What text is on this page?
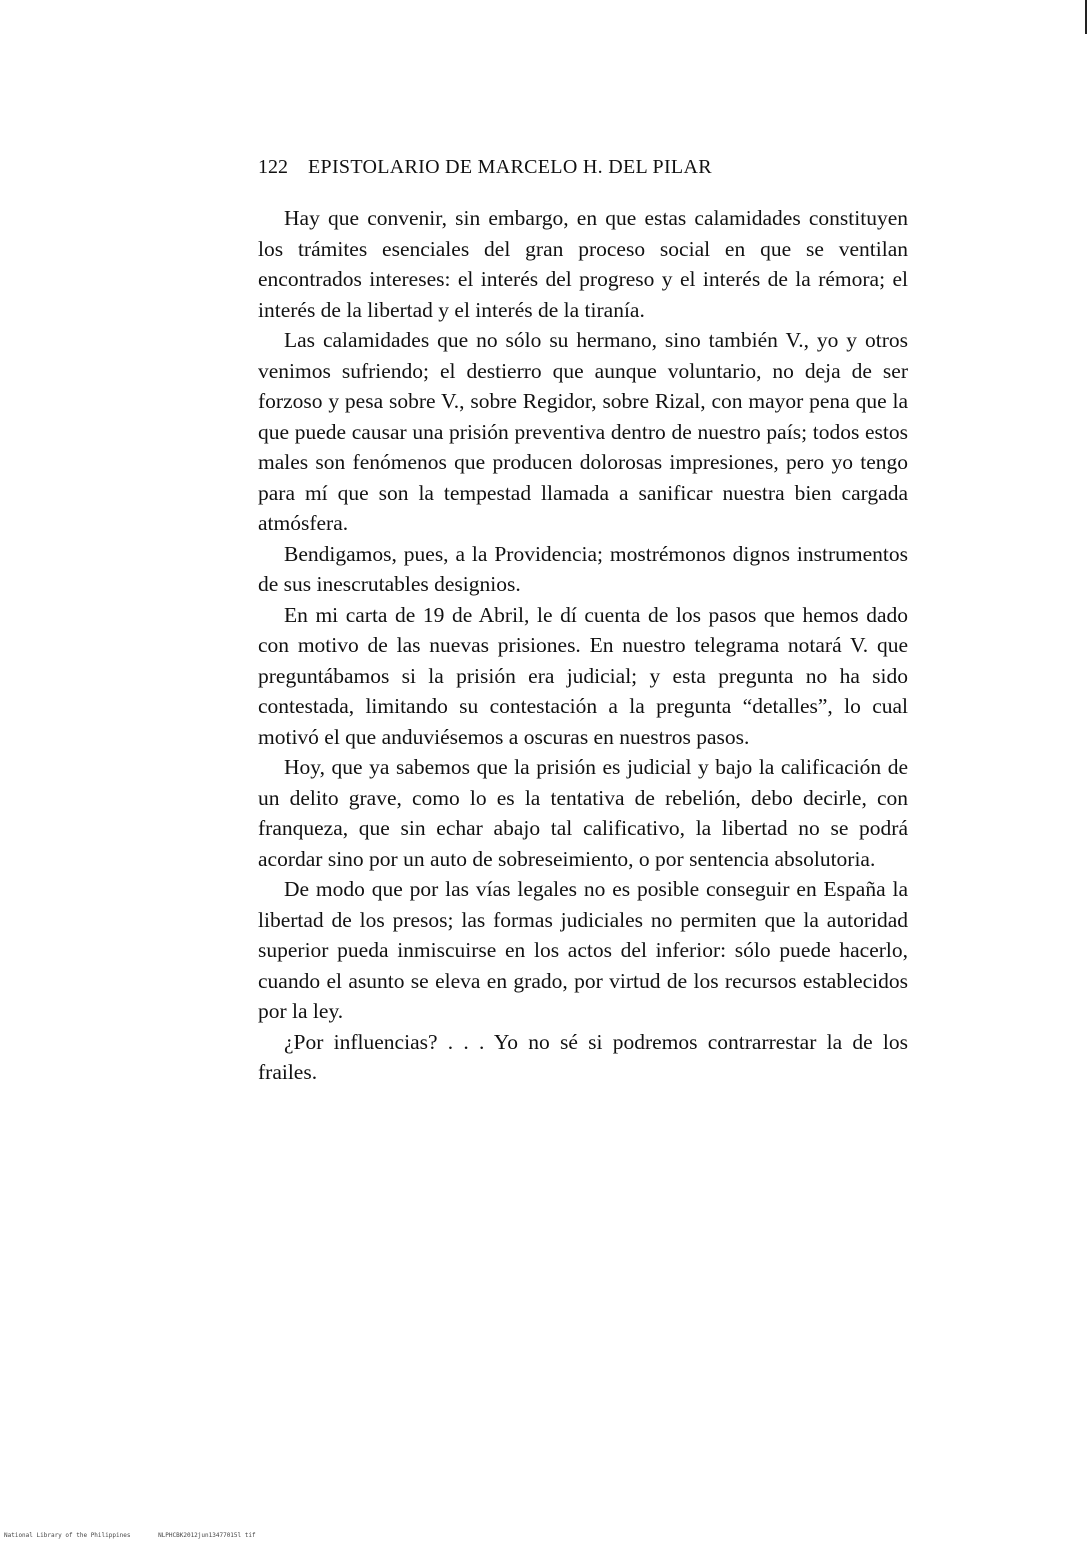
122 EPISTOLARIO DE MARCELO H. DEL PILAR

Hay que convenir, sin embargo, en que estas calamidades constituyen los trámites esenciales del gran proceso social en que se ventilan encontrados intereses: el interés del progreso y el interés de la rémora; el interés de la libertad y el interés de la tiranía.

Las calamidades que no sólo su hermano, sino también V., yo y otros venimos sufriendo; el destierro que aunque voluntario, no deja de ser forzoso y pesa sobre V., sobre Regidor, sobre Rizal, con mayor pena que la que puede causar una prisión preventiva dentro de nuestro país; todos estos males son fenómenos que producen dolorosas impresiones, pero yo tengo para mí que son la tempestad llamada a sanificar nuestra bien cargada atmósfera.

Bendigamos, pues, a la Providencia; mostrémonos dignos instrumentos de sus inescrutables designios.

En mi carta de 19 de Abril, le dí cuenta de los pasos que hemos dado con motivo de las nuevas prisiones. En nuestro telegrama notará V. que preguntábamos si la prisión era judicial; y esta pregunta no ha sido contestada, limitando su contestación a la pregunta “detalles”, lo cual motivó el que anduviésemos a oscuras en nuestros pasos.

Hoy, que ya sabemos que la prisión es judicial y bajo la calificación de un delito grave, como lo es la tentativa de rebelión, debo decirle, con franqueza, que sin echar abajo tal calificativo, la libertad no se podrá acordar sino por un auto de sobreseimiento, o por sentencia absolutoria.

De modo que por las vías legales no es posible conseguir en España la libertad de los presos; las formas judiciales no permiten que la autoridad superior pueda inmiscuirse en los actos del inferior: sólo puede hacerlo, cuando el asunto se eleva en grado, por virtud de los recursos establecidos por la ley.

¿Por influencias? . . . Yo no sé si podremos contrarrestar la de los frailes.

National Library of the Philippines	NLPHCBK2012jun13477015l tif
